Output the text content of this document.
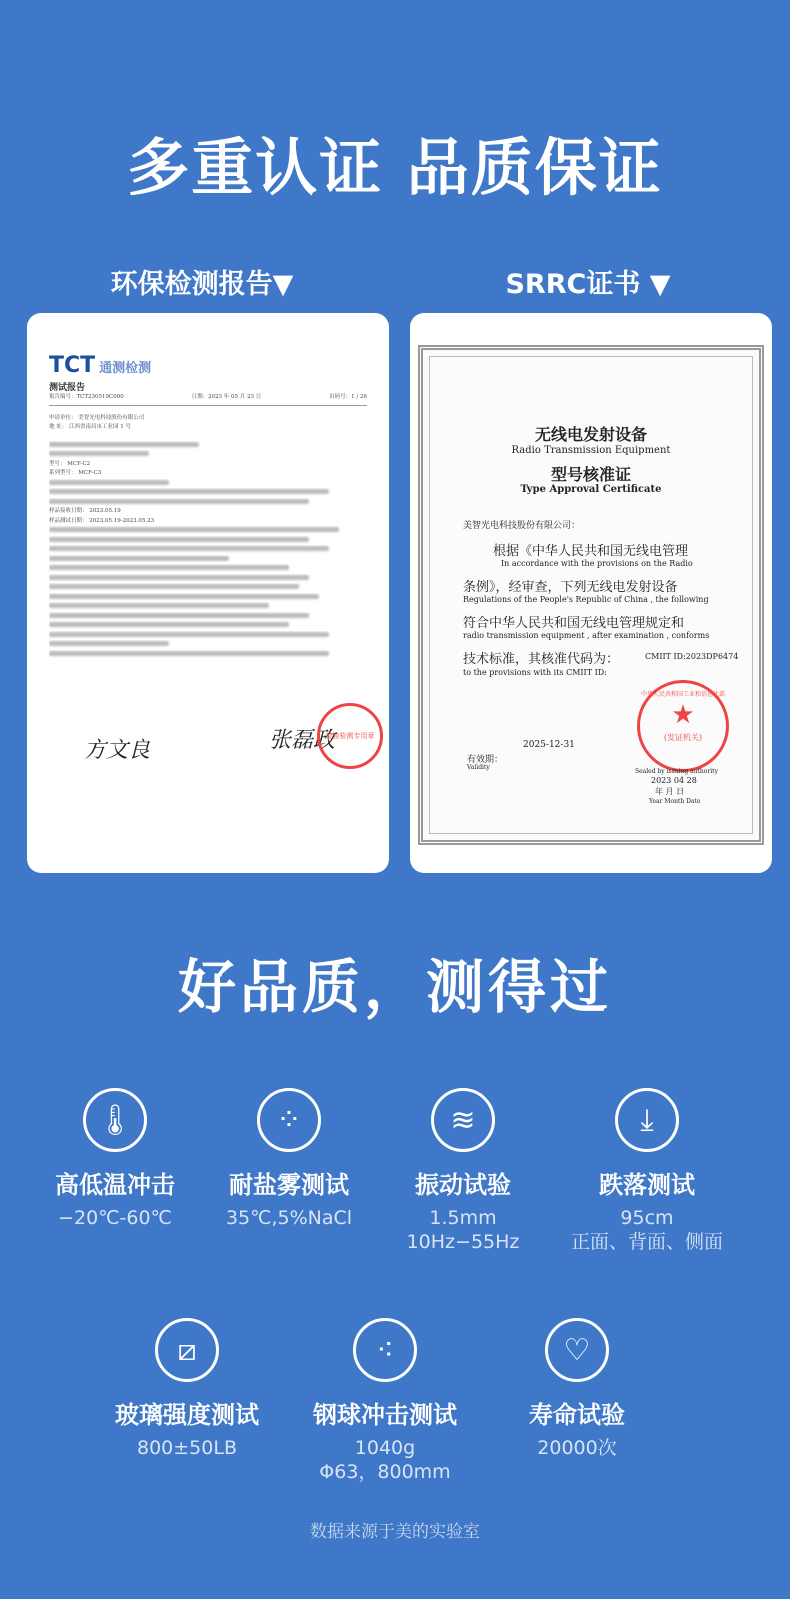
多重认证 品质保证
环保检测报告▼	SRRC证书 ▼
TCT 通测检测
测试报告
报告编号：TCT230519C000	日期：2023 年 05 月 23 日	页码号：1 / 26
申请单位： 美智光电科技股份有限公司
地 址： 江西省南昌市工业园 1 号
型号： MCF-C2
系列型号： MCF-C3
样品接收日期： 2023.05.19
样品测试日期： 2023.05.19-2023.05.23
方文良	张磊政
检验检测专用章
无线电发射设备
Radio Transmission Equipment
型号核准证
Type Approval Certificate
美智光电科技股份有限公司：
根据《中华人民共和国无线电管理
In accordance with the provisions on the Radio
条例》，经审查，下列无线电发射设备
Regulations of the People's Republic of China , the following
符合中华人民共和国无线电管理规定和
radio transmission equipment , after examination , conforms
技术标准，其核准代码为：	CMIIT ID:2023DP6474
to the provisions with its CMIIT ID:
中华人民共和国工业和信息化部
★
(发证机关)
有效期：
Validity
2025-12-31
Sealed by issuing authority
2023 04 28
年 月 日
Year Month Date
好品质，测得过
🌡
高低温冲击
−20℃-60℃
⁘
耐盐雾测试
35℃,5%NaCl
≋
振动试验
1.5mm
10Hz−55Hz
⤓
跌落测试
95cm
正面、背面、侧面
⧄
玻璃强度测试
800±50LB
⁖
钢球冲击测试
1040g
Φ63，800mm
♡
寿命试验
20000次
数据来源于美的实验室
